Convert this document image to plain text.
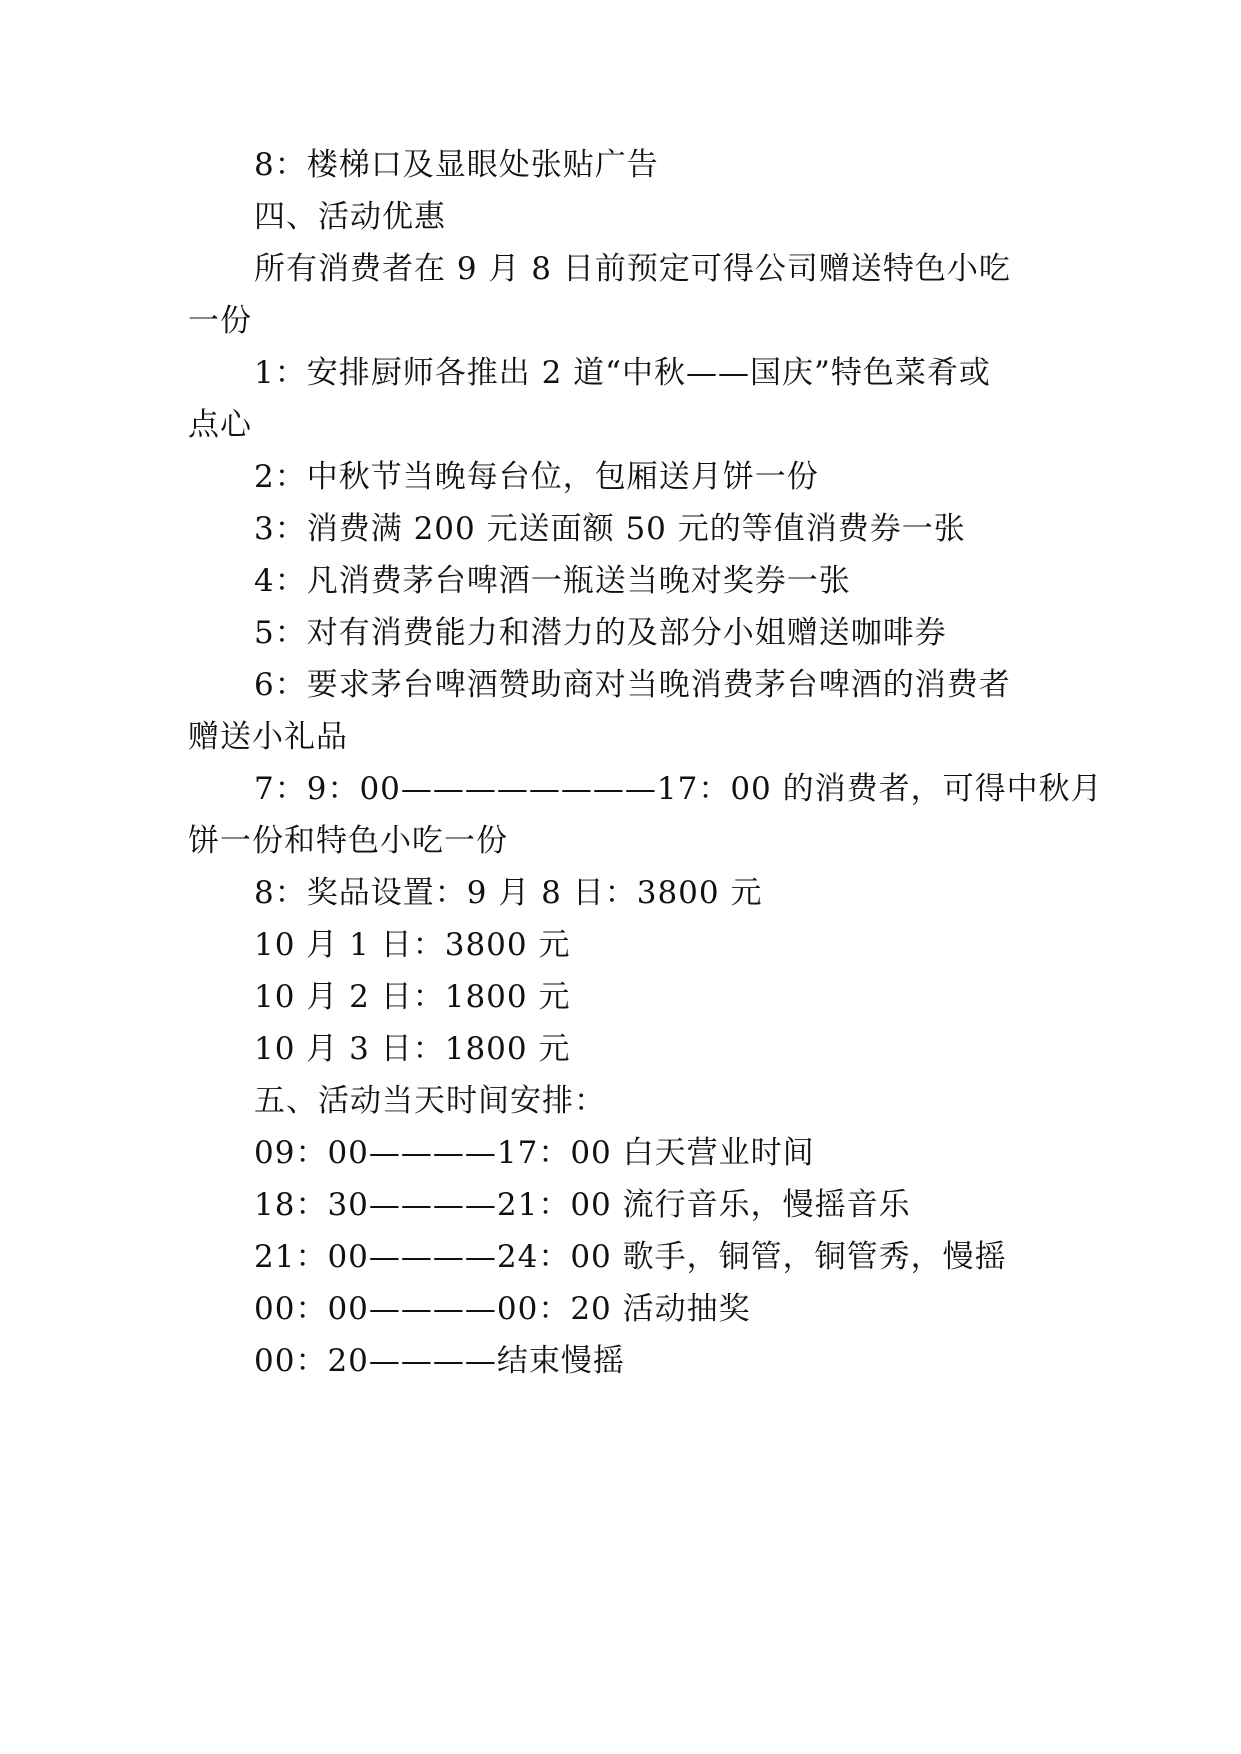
8：楼梯口及显眼处张贴广告
四、活动优惠
所有消费者在 9 月 8 日前预定可得公司赠送特色小吃
一份
1：安排厨师各推出 2 道“中秋——国庆”特色菜肴或
点心
2：中秋节当晚每台位，包厢送月饼一份
3：消费满 200 元送面额 50 元的等值消费券一张
4：凡消费茅台啤酒一瓶送当晚对奖券一张
5：对有消费能力和潜力的及部分小姐赠送咖啡券
6：要求茅台啤酒赞助商对当晚消费茅台啤酒的消费者
赠送小礼品
7：9：00————————17：00 的消费者，可得中秋月
饼一份和特色小吃一份
8：奖品设置：9 月 8 日：3800 元
10 月 1 日：3800 元
10 月 2 日：1800 元
10 月 3 日：1800 元
五、活动当天时间安排：
09：00————17：00 白天营业时间
18：30————21：00 流行音乐，慢摇音乐
21：00————24：00 歌手，铜管，铜管秀，慢摇
00：00————00：20 活动抽奖
00：20————结束慢摇
